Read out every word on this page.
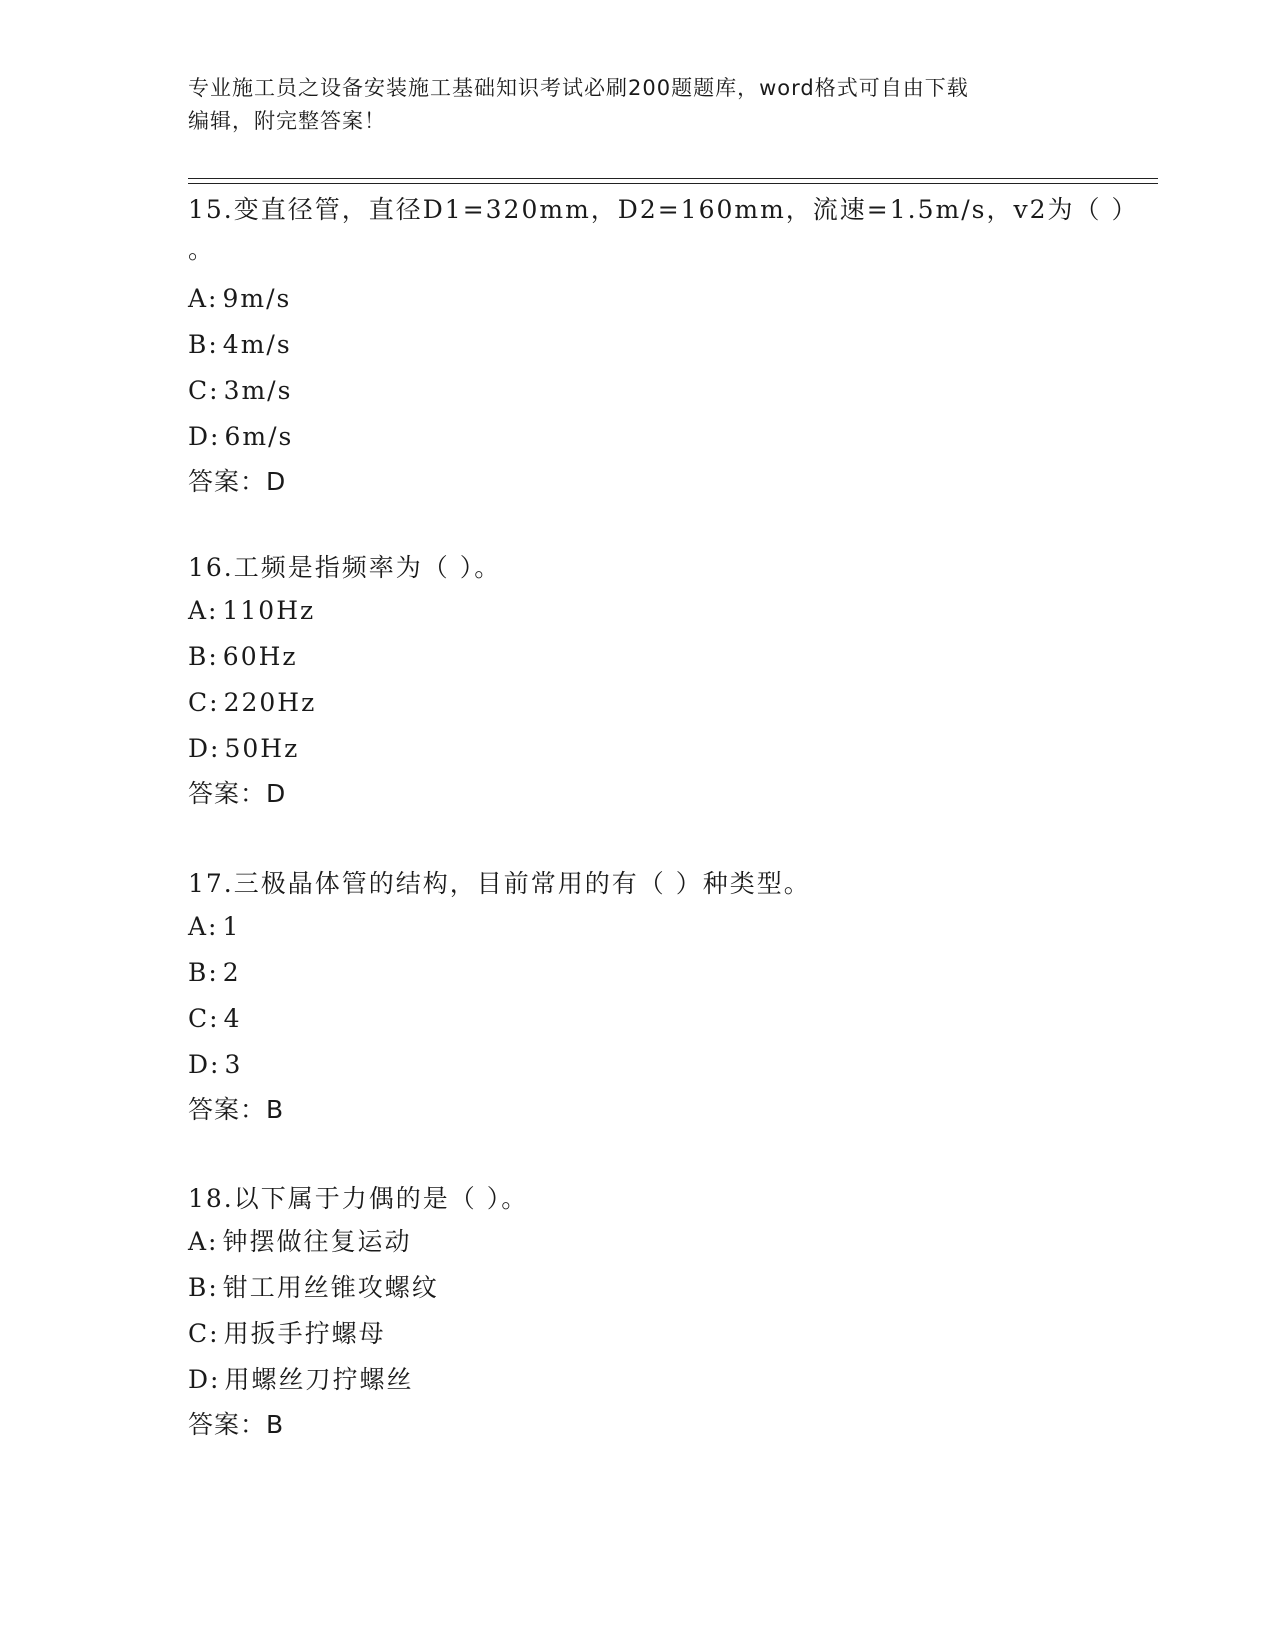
专业施工员之设备安装施工基础知识考试必刷200题题库，word格式可自由下载
编辑，附完整答案！
15.变直径管，直径D1=320mm，D2=160mm，流速=1.5m/s，v2为（ ）
。
A: 9m/s
B: 4m/s
C: 3m/s
D: 6m/s
答案：D
16.工频是指频率为（ ）。
A: 110Hz
B: 60Hz
C: 220Hz
D: 50Hz
答案：D
17.三极晶体管的结构，目前常用的有（ ）种类型。
A: 1
B: 2
C: 4
D: 3
答案：B
18.以下属于力偶的是（ ）。
A: 钟摆做往复运动
B: 钳工用丝锥攻螺纹
C: 用扳手拧螺母
D: 用螺丝刀拧螺丝
答案：B
